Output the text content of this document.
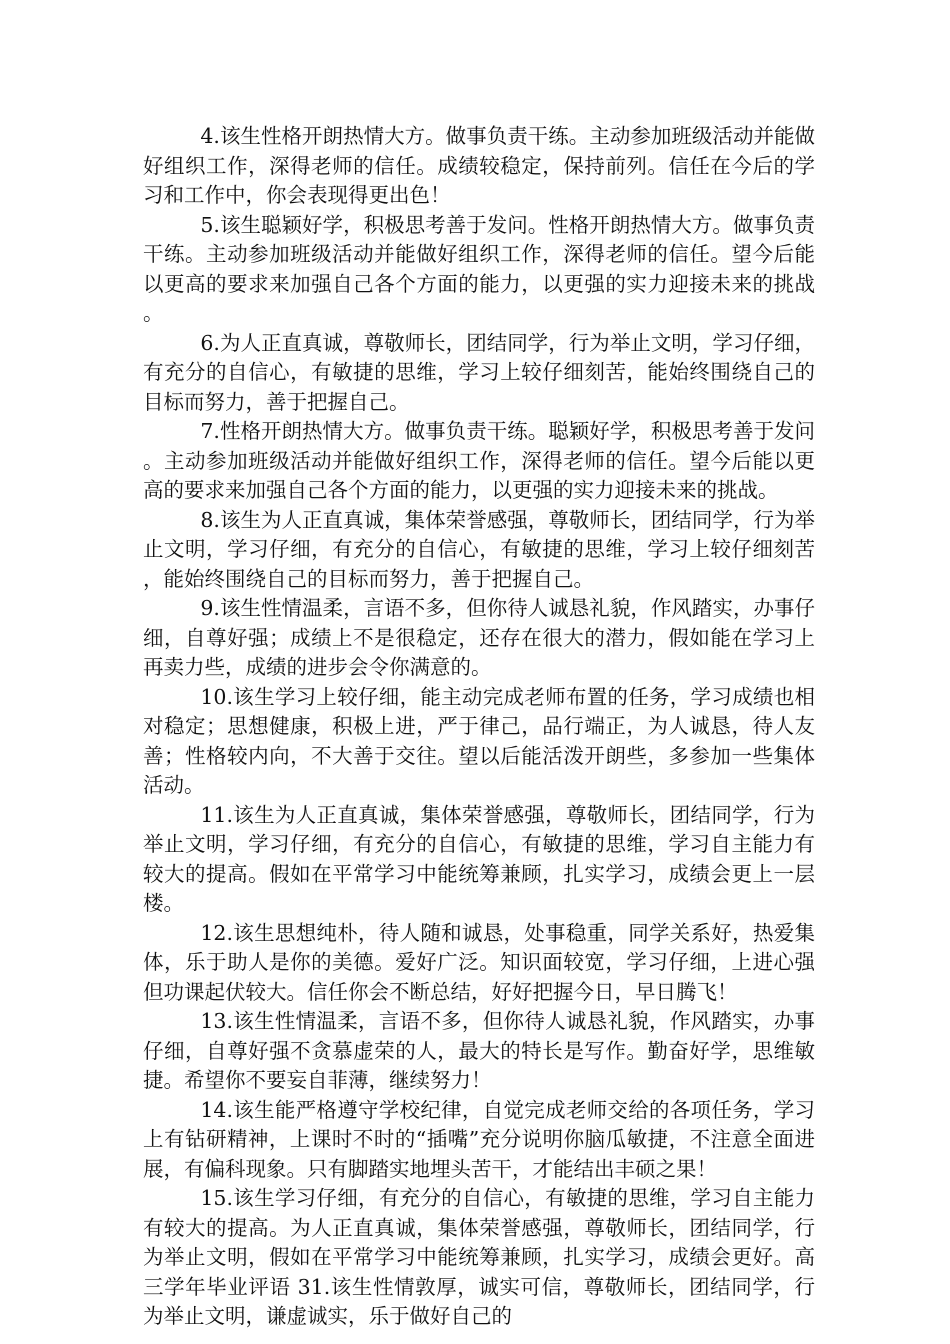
4.该生性格开朗热情大方。做事负责干练。主动参加班级活动并能做好组织工作，深得老师的信任。成绩较稳定，保持前列。信任在今后的学习和工作中，你会表现得更出色！

5.该生聪颖好学，积极思考善于发问。性格开朗热情大方。做事负责干练。主动参加班级活动并能做好组织工作，深得老师的信任。望今后能以更高的要求来加强自己各个方面的能力，以更强的实力迎接未来的挑战。

6.为人正直真诚，尊敬师长，团结同学，行为举止文明，学习仔细，有充分的自信心，有敏捷的思维，学习上较仔细刻苦，能始终围绕自己的目标而努力，善于把握自己。

7.性格开朗热情大方。做事负责干练。聪颖好学，积极思考善于发问。主动参加班级活动并能做好组织工作，深得老师的信任。望今后能以更高的要求来加强自己各个方面的能力，以更强的实力迎接未来的挑战。

8.该生为人正直真诚，集体荣誉感强，尊敬师长，团结同学，行为举止文明，学习仔细，有充分的自信心，有敏捷的思维，学习上较仔细刻苦，能始终围绕自己的目标而努力，善于把握自己。

9.该生性情温柔，言语不多，但你待人诚恳礼貌，作风踏实，办事仔细，自尊好强；成绩上不是很稳定，还存在很大的潜力，假如能在学习上再卖力些，成绩的进步会令你满意的。

10.该生学习上较仔细，能主动完成老师布置的任务，学习成绩也相对稳定；思想健康，积极上进，严于律己，品行端正，为人诚恳，待人友善；性格较内向，不大善于交往。望以后能活泼开朗些，多参加一些集体活动。

11.该生为人正直真诚，集体荣誉感强，尊敬师长，团结同学，行为举止文明，学习仔细，有充分的自信心，有敏捷的思维，学习自主能力有较大的提高。假如在平常学习中能统筹兼顾，扎实学习，成绩会更上一层楼。

12.该生思想纯朴，待人随和诚恳，处事稳重，同学关系好，热爱集体，乐于助人是你的美德。爱好广泛。知识面较宽，学习仔细，上进心强但功课起伏较大。信任你会不断总结，好好把握今日，早日腾飞！

13.该生性情温柔，言语不多，但你待人诚恳礼貌，作风踏实，办事仔细，自尊好强不贪慕虚荣的人，最大的特长是写作。勤奋好学，思维敏捷。希望你不要妄自菲薄，继续努力！

14.该生能严格遵守学校纪律，自觉完成老师交给的各项任务，学习上有钻研精神，上课时不时的“插嘴”充分说明你脑瓜敏捷，不注意全面进展，有偏科现象。只有脚踏实地埋头苦干，才能结出丰硕之果！

15.该生学习仔细，有充分的自信心，有敏捷的思维，学习自主能力有较大的提高。为人正直真诚，集体荣誉感强，尊敬师长，团结同学，行为举止文明，假如在平常学习中能统筹兼顾，扎实学习，成绩会更好。高三学年毕业评语 31.该生性情敦厚，诚实可信，尊敬师长，团结同学，行为举止文明，谦虚诚实，乐于做好自己的
